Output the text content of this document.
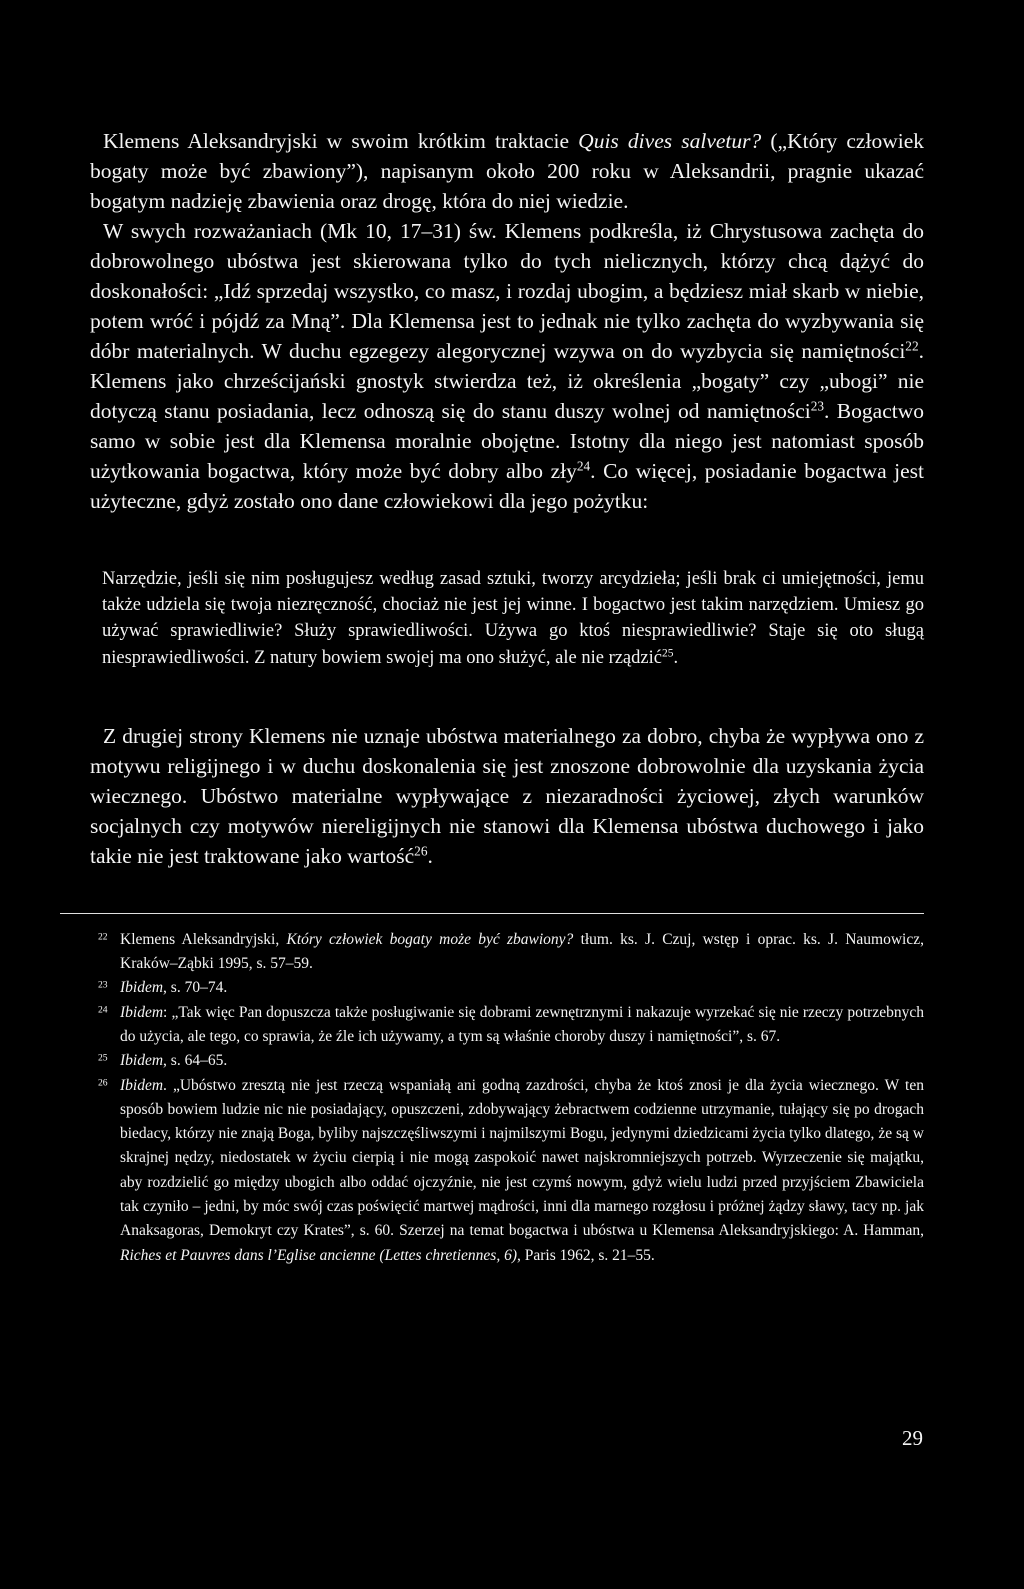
Klemens Aleksandryjski w swoim krótkim traktacie Quis dives salvetur? („Który człowiek bogaty może być zbawiony”), napisanym około 200 roku w Aleksandrii, pragnie ukazać bogatym nadzieję zbawienia oraz drogę, która do niej wiedzie.

W swych rozważaniach (Mk 10, 17–31) św. Klemens podkreśla, iż Chrystusowa zachęta do dobrowolnego ubóstwa jest skierowana tylko do tych nielicznych, którzy chcą dążyć do doskonałości: „Idź sprzedaj wszystko, co masz, i rozdaj ubogim, a będziesz miał skarb w niebie, potem wróć i pójdź za Mną”. Dla Klemensa jest to jednak nie tylko zachęta do wyzbywania się dóbr materialnych. W duchu egzegezy alegorycznej wzywa on do wyzbycia się namiętności$^{22}$. Klemens jako chrześcijański gnostyk stwierdza też, iż określenia „bogaty” czy „ubogi” nie dotyczą stanu posiadania, lecz odnoszą się do stanu duszy wolnej od namiętności$^{23}$. Bogactwo samo w sobie jest dla Klemensa moralnie obojętne. Istotny dla niego jest natomiast sposób użytkowania bogactwa, który może być dobry albo zły$^{24}$. Co więcej, posiadanie bogactwa jest użyteczne, gdyż zostało ono dane człowiekowi dla jego pożytku:

Narzędzie, jeśli się nim posługujesz według zasad sztuki, tworzy arcydzieła; jeśli brak ci umiejętności, jemu także udziela się twoja niezręczność, chociaż nie jest jej winne. I bogactwo jest takim narzędziem. Umiesz go używać sprawiedliwie? Służy sprawiedliwości. Używa go ktoś niesprawiedliwie? Staje się oto sługą niesprawiedliwości. Z natury bowiem swojej ma ono służyć, ale nie rządzić$^{25}$.

Z drugiej strony Klemens nie uznaje ubóstwa materialnego za dobro, chyba że wypływa ono z motywu religijnego i w duchu doskonalenia się jest znoszone dobrowolnie dla uzyskania życia wiecznego. Ubóstwo materialne wypływające z niezaradności życiowej, złych warunków socjalnych czy motywów niereligijnych nie stanowi dla Klemensa ubóstwa duchowego i jako takie nie jest traktowane jako wartość$^{26}$.

$^{22}$ Klemens Aleksandryjski, Który człowiek bogaty może być zbawiony? tłum. ks. J. Czuj, wstęp i oprac. ks. J. Naumowicz, Kraków–Ząbki 1995, s. 57–59.

$^{23}$ Ibidem, s. 70–74.

$^{24}$ Ibidem: „Tak więc Pan dopuszcza także posługiwanie się dobrami zewnętrznymi i nakazuje wyrzekać się nie rzeczy potrzebnych do użycia, ale tego, co sprawia, że źle ich używamy, a tym są właśnie choroby duszy i namiętności”, s. 67.

$^{25}$ Ibidem, s. 64–65.

$^{26}$ Ibidem. „Ubóstwo zresztą nie jest rzeczą wspaniałą ani godną zazdrości, chyba że ktoś znosi je dla życia wiecznego. W ten sposób bowiem ludzie nic nie posiadający, opuszczeni, zdobywający żebractwem codzienne utrzymanie, tułający się po drogach biedacy, którzy nie znają Boga, byliby najszczęśliwszymi i najmilszymi Bogu, jedynymi dziedzicami życia tylko dlatego, że są w skrajnej nędzy, niedostatek w życiu cierpią i nie mogą zaspokoić nawet najskromniejszych potrzeb. Wyrzeczenie się majątku, aby rozdzielić go między ubogich albo oddać ojczyźnie, nie jest czymś nowym, gdyż wielu ludzi przed przyjściem Zbawiciela tak czyniło – jedni, by móc swój czas poświęcić martwej mądrości, inni dla marnego rozgłosu i próżnej żądzy sławy, tacy np. jak Anaksagoras, Demokryt czy Krates”, s. 60. Szerzej na temat bogactwa i ubóstwa u Klemensa Aleksandryjskiego: A. Hamman, Riches et Pauvres dans l’Eglise ancienne (Lettes chretiennes, 6), Paris 1962, s. 21–55.

29
